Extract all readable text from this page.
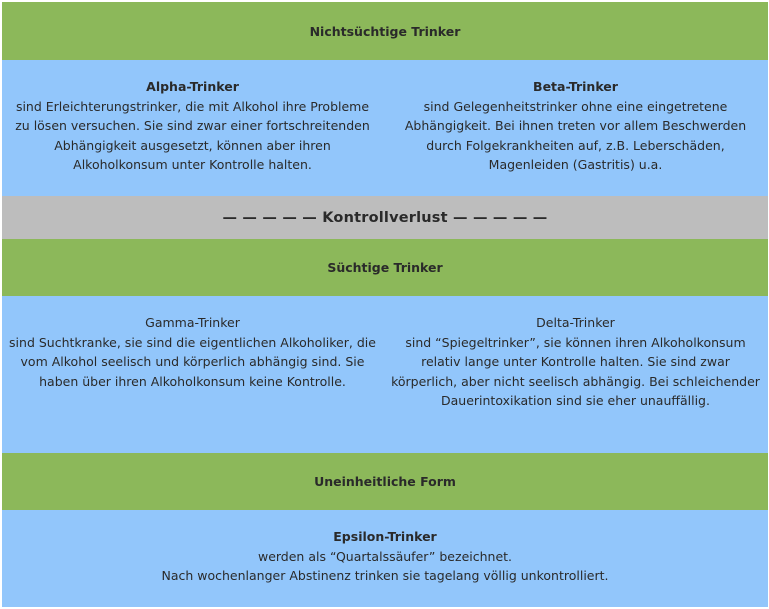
Nichtsüchtige Trinker
Alpha-Trinker
sind Erleichterungstrinker, die mit Alkohol ihre Probleme zu lösen versuchen. Sie sind zwar einer fortschreitenden Abhängigkeit ausgesetzt, können aber ihren Alkoholkonsum unter Kontrolle halten.
Beta-Trinker
sind Gelegenheitstrinker ohne eine eingetretene Abhängigkeit. Bei ihnen treten vor allem Beschwerden durch Folgekrankheiten auf, z.B. Leberschäden, Magenleiden (Gastritis) u.a.
— — — — — Kontrollverlust — — — — —
Süchtige Trinker
Gamma-Trinker
sind Suchtkranke, sie sind die eigentlichen Alkoholiker, die vom Alkohol seelisch und körperlich abhängig sind. Sie haben über ihren Alkoholkonsum keine Kontrolle.
Delta-Trinker
sind “Spiegeltrinker”, sie können ihren Alkoholkonsum relativ lange unter Kontrolle halten. Sie sind zwar körperlich, aber nicht seelisch abhängig. Bei schleichender Dauerintoxikation sind sie eher unauffällig.
Uneinheitliche Form
Epsilon-Trinker
werden als “Quartalssäufer” bezeichnet.
Nach wochenlanger Abstinenz trinken sie tagelang völlig unkontrolliert.
